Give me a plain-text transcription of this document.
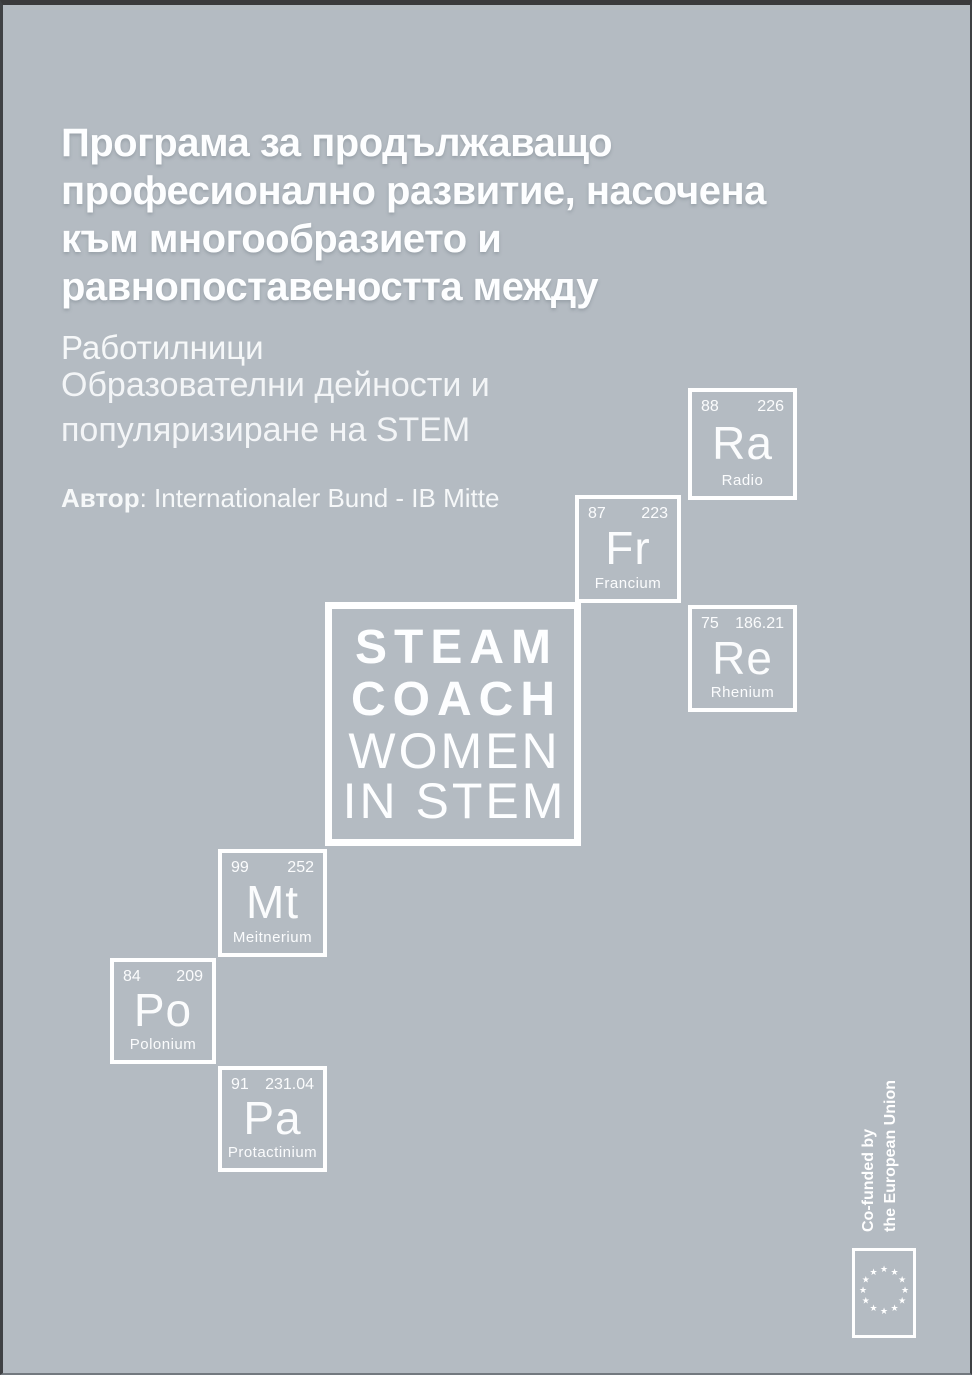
Програма за продължаващо
професионално развитие, насочена
към многообразието и
равнопоставеността между
Работилници
Образователни дейности и
популяризиране на STEM
Автор: Internationaler Bund - IB Mitte
88 226
Ra
Radio
87 223
Fr
Francium
75 186.21
Re
Rhenium
99 252
Mt
Meitnerium
84 209
Po
Polonium
91 231.04
Pa
Protactinium
STEAM
COACH
WOMEN
IN STEM
Co-funded by the European Union
★ ★
★
★
★
★
★
★
★
★
★
★
